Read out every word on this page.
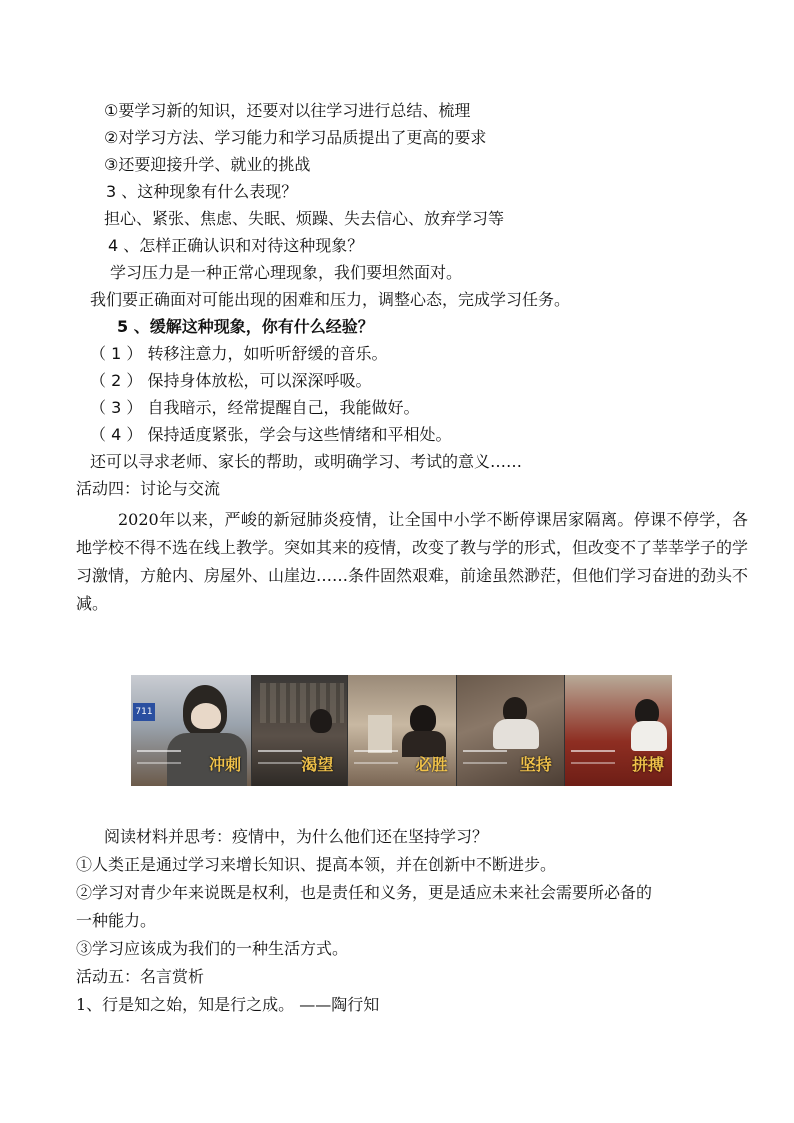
①要学习新的知识，还要对以往学习进行总结、梳理
②对学习方法、学习能力和学习品质提出了更高的要求
③还要迎接升学、就业的挑战
3 、这种现象有什么表现？
担心、紧张、焦虑、失眠、烦躁、失去信心、放弃学习等
4 、怎样正确认识和对待这种现象？
学习压力是一种正常心理现象，我们要坦然面对。
我们要正确面对可能出现的困难和压力，调整心态，完成学习任务。
5 、缓解这种现象，你有什么经验？
（ 1 ） 转移注意力，如听听舒缓的音乐。
（ 2 ） 保持身体放松，可以深深呼吸。
（ 3 ） 自我暗示，经常提醒自己，我能做好。
（ 4 ） 保持适度紧张，学会与这些情绪和平相处。
还可以寻求老师、家长的帮助，或明确学习、考试的意义……
活动四：讨论与交流
2020年以来，严峻的新冠肺炎疫情，让全国中小学不断停课居家隔离。停课不停学，各地学校不得不选在线上教学。突如其来的疫情，改变了教与学的形式，但改变不了莘莘学子的学习激情，方舱内、房屋外、山崖边……条件固然艰难，前途虽然渺茫，但他们学习奋进的劲头不减。
711
冲刺	渴望	必胜	坚持	拼搏
阅读材料并思考：疫情中，为什么他们还在坚持学习？
①人类正是通过学习来增长知识、提高本领，并在创新中不断进步。
②学习对青少年来说既是权利，也是责任和义务，更是适应未来社会需要所必备的
一种能力。
③学习应该成为我们的一种生活方式。
活动五：名言赏析
1、行是知之始，知是行之成。 ——陶行知
